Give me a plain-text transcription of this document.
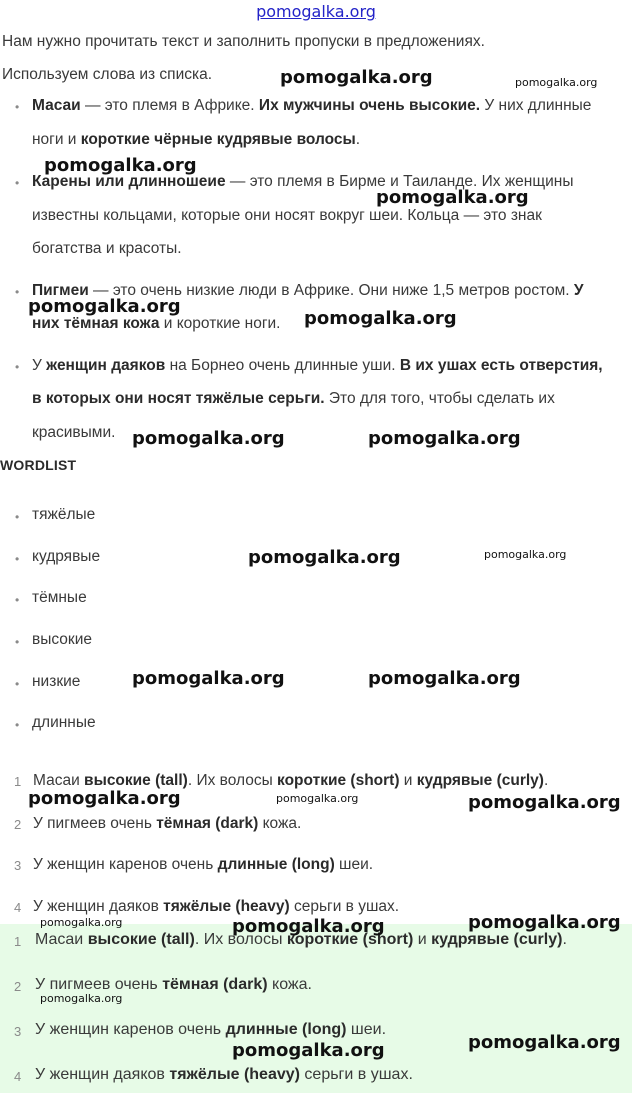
pomogalka.org
Нам нужно прочитать текст и заполнить пропуски в предложениях.
Используем слова из списка.
• Масаи — это племя в Африке. Их мужчины очень высокие. У них длинные
ноги и короткие чёрные кудрявые волосы.
• Карены или длинношеие — это племя в Бирме и Таиланде. Их женщины
известны кольцами, которые они носят вокруг шеи. Кольца — это знак
богатства и красоты.
• Пигмеи — это очень низкие люди в Африке. Они ниже 1,5 метров ростом. У
них тёмная кожа и короткие ноги.
• У женщин даяков на Борнео очень длинные уши. В их ушах есть отверстия,
в которых они носят тяжёлые серьги. Это для того, чтобы сделать их
красивыми.
WORDLIST
• тяжёлые
• кудрявые
• тёмные
• высокие
• низкие
• длинные
1 Масаи высокие (tall). Их волосы короткие (short) и кудрявые (curly).
2 У пигмеев очень тёмная (dark) кожа.
3 У женщин каренов очень длинные (long) шеи.
4 У женщин даяков тяжёлые (heavy) серьги в ушах.
1 Масаи высокие (tall). Их волосы короткие (short) и кудрявые (curly).
2 У пигмеев очень тёмная (dark) кожа.
3 У женщин каренов очень длинные (long) шеи.
4 У женщин даяков тяжёлые (heavy) серьги в ушах.
pomogalka.org	pomogalka.org
pomogalka.org
pomogalka.org
pomogalka.org
pomogalka.org
pomogalka.org	pomogalka.org
pomogalka.org	pomogalka.org
pomogalka.org	pomogalka.org
pomogalka.org	pomogalka.org	pomogalka.org
pomogalka.org	pomogalka.org	pomogalka.org
pomogalka.org
pomogalka.org	pomogalka.org
